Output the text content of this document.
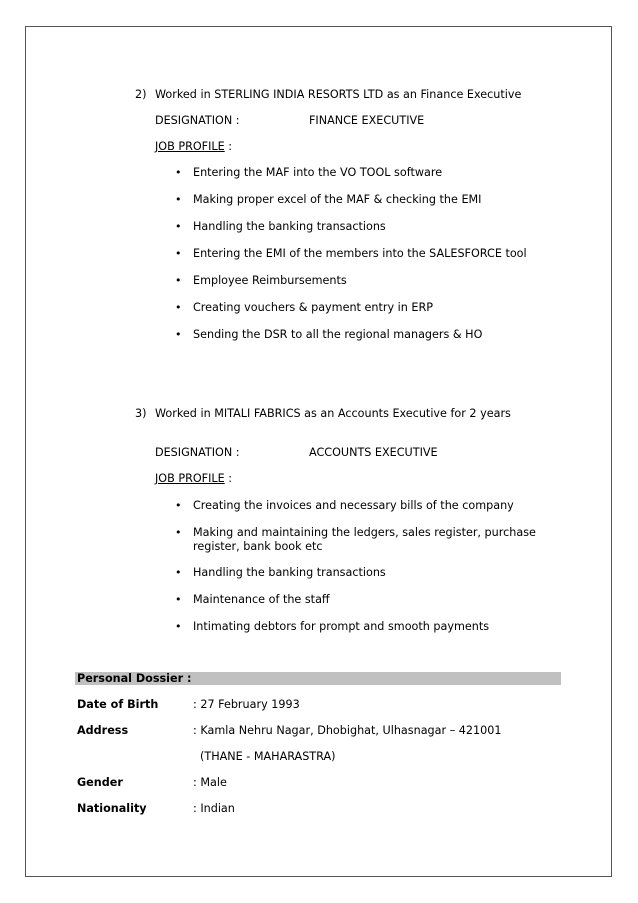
2) Worked in STERLING INDIA RESORTS LTD as an Finance Executive
DESIGNATION :	FINANCE EXECUTIVE
JOB PROFILE :
• Entering the MAF into the VO TOOL software
• Making proper excel of the MAF & checking the EMI
• Handling the banking transactions
• Entering the EMI of the members into the SALESFORCE tool
• Employee Reimbursements
• Creating vouchers & payment entry in ERP
• Sending the DSR to all the regional managers & HO
3) Worked in MITALI FABRICS as an Accounts Executive for 2 years
DESIGNATION :	ACCOUNTS EXECUTIVE
JOB PROFILE :
• Creating the invoices and necessary bills of the company
• Making and maintaining the ledgers, sales register, purchase
register, bank book etc
• Handling the banking transactions
• Maintenance of the staff
• Intimating debtors for prompt and smooth payments
Personal Dossier :
Date of Birth	: 27 February 1993
Address	: Kamla Nehru Nagar, Dhobighat, Ulhasnagar – 421001
(THANE - MAHARASTRA)
Gender	: Male
Nationality	: Indian
